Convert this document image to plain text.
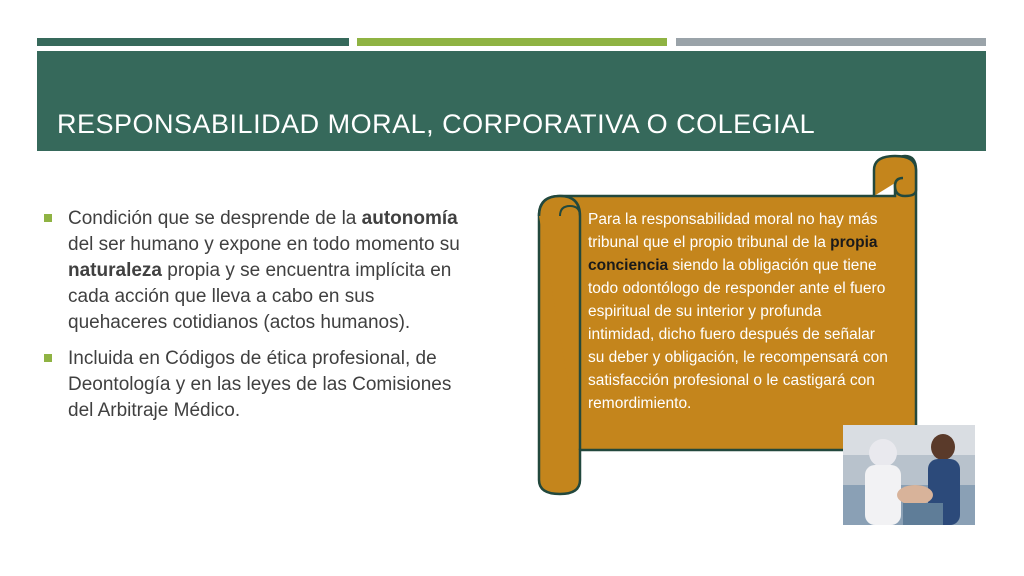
RESPONSABILIDAD MORAL, CORPORATIVA O COLEGIAL
Condición que se desprende de la autonomía del ser humano y expone en todo momento su naturaleza propia y se encuentra implícita en cada acción que lleva a cabo en sus quehaceres cotidianos (actos humanos).
Incluida en Códigos de ética profesional, de Deontología y en las leyes de las Comisiones del Arbitraje Médico.
Para la responsabilidad moral no hay más tribunal que el propio tribunal de la propia conciencia siendo la obligación que tiene todo odontólogo de responder ante el fuero espiritual de su interior y profunda intimidad, dicho fuero después de señalar su deber y obligación, le recompensará con satisfacción profesional o le castigará con remordimiento.
